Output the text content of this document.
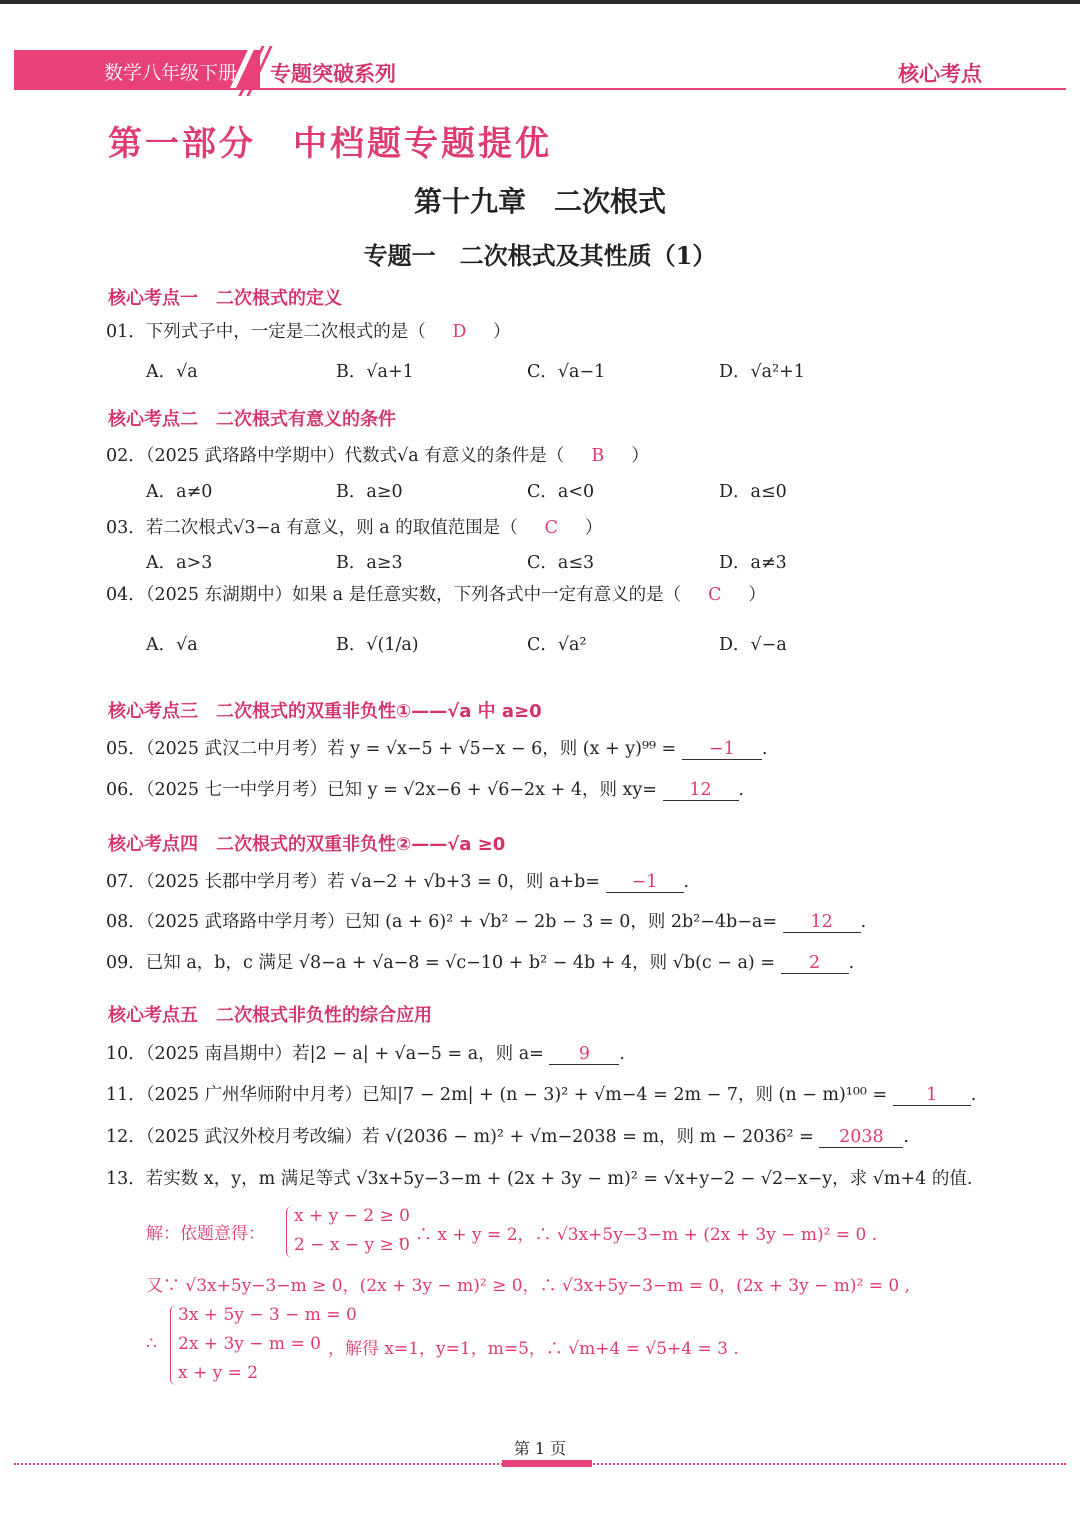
数学八年级下册 专题突破系列	核心考点
第一部分　中档题专题提优
第十九章　二次根式
专题一　二次根式及其性质（1）
核心考点一　二次根式的定义
01．下列式子中，一定是二次根式的是（ D ）
A．√a	B．√a+1	C．√a−1	D．√a²+1
核心考点二　二次根式有意义的条件
02．（2025 武珞路中学期中）代数式√a 有意义的条件是（ B ）
A．a≠0	B．a≥0	C．a<0	D．a≤0
03．若二次根式√3−a 有意义，则 a 的取值范围是（ C ）
A．a>3	B．a≥3	C．a≤3	D．a≠3
04．（2025 东湖期中）如果 a 是任意实数，下列各式中一定有意义的是（ C ）
A．√a	B．√(1/a)	C．√a²	D．√−a
核心考点三　二次根式的双重非负性①——√a 中 a≥0
05．（2025 武汉二中月考）若 y = √x−5 + √5−x − 6，则 (x + y)⁹⁹ = −1 .
06．（2025 七一中学月考）已知 y = √2x−6 + √6−2x + 4，则 xy= 12 .
核心考点四　二次根式的双重非负性②——√a ≥0
07．（2025 长郡中学月考）若 √a−2 + √b+3 = 0，则 a+b= −1 .
08．（2025 武珞路中学月考）已知 (a + 6)² + √b² − 2b − 3 = 0，则 2b²−4b−a= 12 .
09．已知 a，b，c 满足 √8−a + √a−8 = √c−10 + b² − 4b + 4，则 √b(c − a) = 2 .
核心考点五　二次根式非负性的综合应用
10．（2025 南昌期中）若|2 − a| + √a−5 = a，则 a= 9 .
11．（2025 广州华师附中月考）已知|7 − 2m| + (n − 3)² + √m−4 = 2m − 7，则 (n − m)¹⁰⁰ = 1 .
12．（2025 武汉外校月考改编）若 √(2036 − m)² + √m−2038 = m，则 m − 2036² = 2038 .
13．若实数 x，y，m 满足等式 √3x+5y−3−m + (2x + 3y − m)² = √x+y−2 − √2−x−y，求 √m+4 的值.
解：依题意得：
x + y − 2 ≥ 0
2 − x − y ≥ 0
，∴ x + y = 2，∴ √3x+5y−3−m + (2x + 3y − m)² = 0 .
又∵ √3x+5y−3−m ≥ 0，(2x + 3y − m)² ≥ 0，∴ √3x+5y−3−m = 0，(2x + 3y − m)² = 0 ,
∴
3x + 5y − 3 − m = 0
2x + 3y − m = 0
x + y = 2
，解得 x=1，y=1，m=5，∴ √m+4 = √5+4 = 3 .
第 1 页
